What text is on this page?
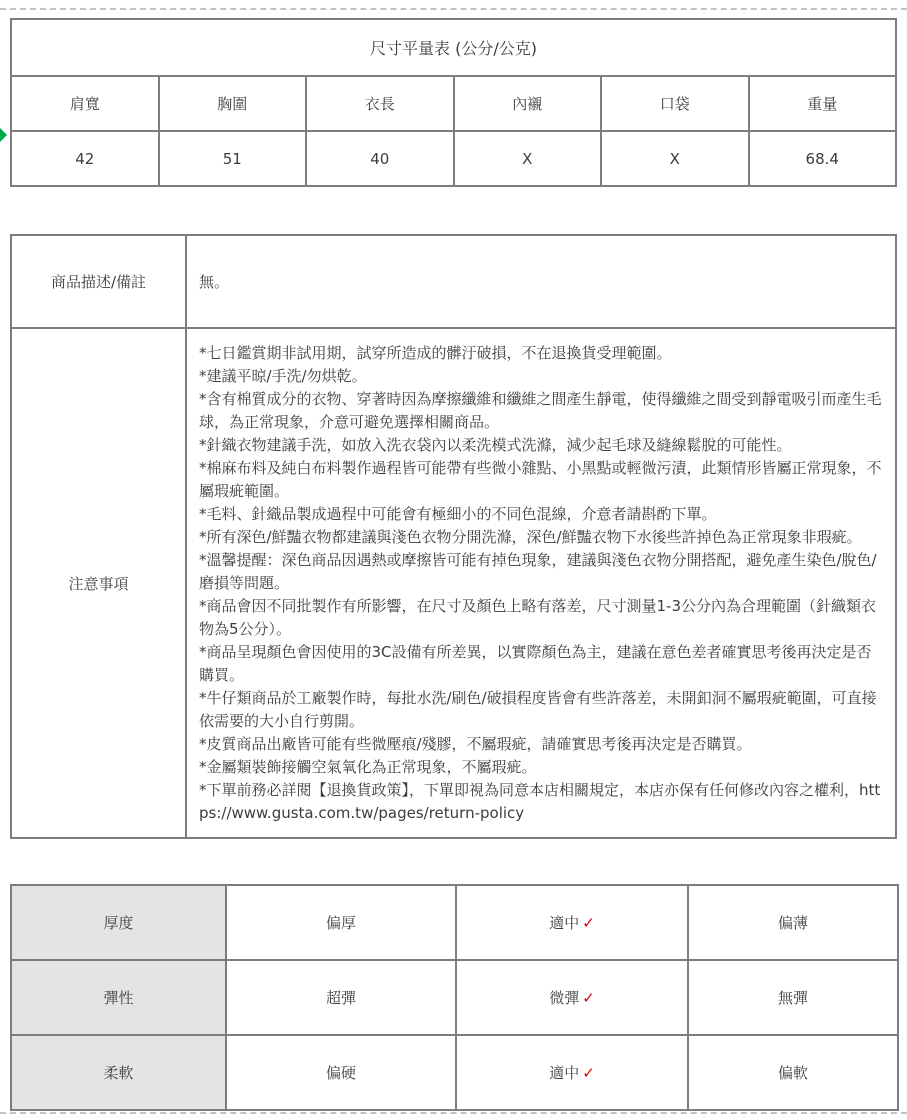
尺寸平量表 (公分/公克)					
肩寬	胸圍	衣長	內襯	口袋	重量
42	51	40	X	X	68.4
商品描述/備註	無。
注意事項	
*七日鑑賞期非試用期，試穿所造成的髒汙破損，不在退換貨受理範圍。
*建議平晾/手洗/勿烘乾。
*含有棉質成分的衣物、穿著時因為摩擦纖維和纖維之間產生靜電，使得纖維之間受到靜電吸引而產生毛球，為正常現象，介意可避免選擇相關商品。
*針織衣物建議手洗，如放入洗衣袋內以柔洗模式洗滌，減少起毛球及縫線鬆脫的可能性。
*棉麻布料及純白布料製作過程皆可能帶有些微小雜點、小黑點或輕微污漬，此類情形皆屬正常現象，不屬瑕疵範圍。
*毛料、針織品製成過程中可能會有極細小的不同色混線，介意者請斟酌下單。
*所有深色/鮮豔衣物都建議與淺色衣物分開洗滌，深色/鮮豔衣物下水後些許掉色為正常現象非瑕疵。
*溫馨提醒：深色商品因遇熱或摩擦皆可能有掉色現象，建議與淺色衣物分開搭配，避免產生染色/脫色/磨損等問題。
*商品會因不同批製作有所影響，在尺寸及顏色上略有落差，尺寸測量1-3公分內為合理範圍（針織類衣物為5公分）。
*商品呈現顏色會因使用的3C設備有所差異，以實際顏色為主，建議在意色差者確實思考後再決定是否購買。
*牛仔類商品於工廠製作時，每批水洗/刷色/破損程度皆會有些許落差，未開釦洞不屬瑕疵範圍，可直接依需要的大小自行剪開。
*皮質商品出廠皆可能有些微壓痕/殘膠，不屬瑕疵，請確實思考後再決定是否購買。
*金屬類裝飾接觸空氣氧化為正常現象，不屬瑕疵。
*下單前務必詳閱【退換貨政策】，下單即視為同意本店相關規定，本店亦保有任何修改內容之權利，https://www.gusta.com.tw/pages/return-policy
厚度	偏厚	適中 ✓	偏薄
彈性	超彈	微彈 ✓	無彈
柔軟	偏硬	適中 ✓	偏軟
